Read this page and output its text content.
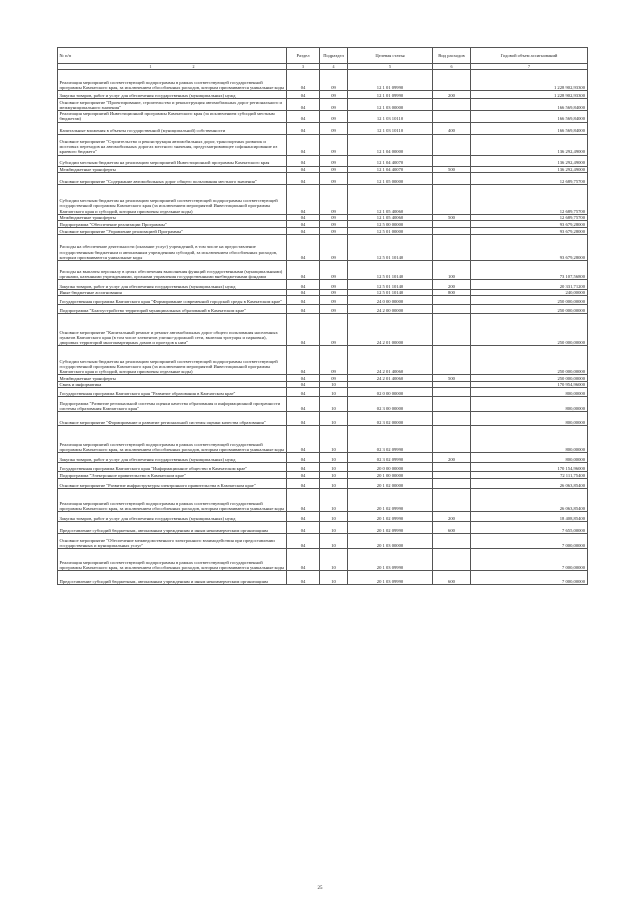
№ п/п	Раздел	Подраздел	Целевая статья	Вид расходов	Годовой объем ассигнований
1 2	3	4	5	6	7
Реализация мероприятий соответствующей подпрограммы в рамках соответствующей государственной программы Камчатского края, за исключением обособленных расходов, которым присваиваются уникальные коды	04	09	12 1 01 09990		1 228 902,93300
Закупка товаров, работ и услуг для обеспечения государственных (муниципальных) нужд	04	09	12 1 01 09990	200	1 228 902,93300
Основное мероприятие "Проектирование, строительство и реконструкция автомобильных дорог регионального и межмуниципального значения"	04	09	12 1 03 00000		166 569,84000
Реализация мероприятий Инвестиционной программы Камчатского края (за исключением субсидий местным бюджетам)	04	09	12 1 03 10110		166 569,84000
Капитальные вложения в объекты государственной (муниципальной) собственности	04	09	12 1 03 10110	400	166 569,84000
Основное мероприятие "Строительство и реконструкция автомобильных дорог, транспортных развязок и мостовых переходов на автомобильных дорогах местного значения, предусматривающее софинансирование из краевого бюджета"	04	09	12 1 04 00000		136 292,49000
Субсидии местным бюджетам на реализацию мероприятий Инвестиционной программы Камчатского края	04	09	12 1 04 40070		136 292,49000
Межбюджетные трансферты	04	09	12 1 04 40070	500	136 292,49000
Основное мероприятие "Содержание автомобильных дорог общего пользования местного значения"	04	09	12 1 05 00000		12 689,75700
Субсидии местным бюджетам на реализацию мероприятий соответствующей подпрограммы соответствующей государственной программы Камчатского края (за исключением мероприятий Инвестиционной программы Камчатского края и субсидий, которым присвоены отдельные коды)	04	09	12 1 05 40060		12 689,75700
Межбюджетные трансферты	04	09	12 1 05 40060	500	12 689,75700
Подпрограмма "Обеспечение реализации Программы"	04	09	12 5 00 00000		93 679,28000
Основное мероприятие "Управление реализацией Программы"	04	09	12 5 01 00000		93 679,28000
Расходы на обеспечение деятельности (оказание услуг) учреждений, в том числе на предоставление государственным бюджетным и автономным учреждениям субсидий, за исключением обособленных расходов, которым присваиваются уникальные коды	04	09	12 5 01 10140		93 679,28000
Расходы на выплаты персоналу в целях обеспечения выполнения функций государственными (муниципальными) органами, казенными учреждениями, органами управления государственными внебюджетными фондами	04	09	12 5 01 10140	100	73 107,56800
Закупка товаров, работ и услуг для обеспечения государственных (муниципальных) нужд	04	09	12 5 01 10140	200	20 331,71200
Иные бюджетные ассигнования	04	09	12 5 01 10140	800	240,00000
Государственная программа Камчатского края "Формирование современной городской среды в Камчатском крае"	04	09	24 0 00 00000		250 000,00000
Подпрограмма "Благоустройство территорий муниципальных образований в Камчатском крае"	04	09	24 2 00 00000		250 000,00000
Основное мероприятие "Капитальный ремонт и ремонт автомобильных дорог общего пользования населенных пунктов Камчатского края (в том числе элементов улично-дорожной сети, включая тротуары и парковки), дворовых территорий многоквартирных домов и проездов к ним"	04	09	24 2 01 00000		250 000,00000
Субсидии местным бюджетам на реализацию мероприятий соответствующей подпрограммы соответствующей государственной программы Камчатского края (за исключением мероприятий Инвестиционной программы Камчатского края и субсидий, которым присвоены отдельные коды)	04	09	24 2 01 40060		250 000,00000
Межбюджетные трансферты	04	09	24 2 01 40060	500	250 000,00000
Связь и информатика	04	10			170 954,96000
Государственная программа Камчатского края "Развитие образования в Камчатском крае"	04	10	02 0 00 00000		800,00000
Подпрограмма "Развитие региональной системы оценки качества образования и информационной прозрачности системы образования Камчатского края"	04	10	02 3 00 00000		800,00000
Основное мероприятие "Формирование и развитие региональной системы оценки качества образования"	04	10	02 3 02 00000		800,00000
Реализация мероприятий соответствующей подпрограммы в рамках соответствующей государственной программы Камчатского края, за исключением обособленных расходов, которым присваиваются уникальные коды	04	10	02 3 02 09990		800,00000
Закупка товаров, работ и услуг для обеспечения государственных (муниципальных) нужд	04	10	02 3 02 09990	200	800,00000
Государственная программа Камчатского края "Информационное общество в Камчатском крае"	04	10	20 0 00 00000		170 154,96000
Подпрограмма "Электронное правительство в Камчатском крае"	04	10	20 1 00 00000		72 111,75400
Основное мероприятие "Развитие инфраструктуры электронного правительства в Камчатском крае"	04	10	20 1 02 00000		26 063,85400
Реализация мероприятий соответствующей подпрограммы в рамках соответствующей государственной программы Камчатского края, за исключением обособленных расходов, которым присваиваются уникальные коды	04	10	20 1 02 09990		26 063,85400
Закупка товаров, работ и услуг для обеспечения государственных (муниципальных) нужд	04	10	20 1 02 09990	200	18 408,85400
Предоставление субсидий бюджетным, автономным учреждениям и иным некоммерческим организациям	04	10	20 1 02 09990	600	7 655,00000
Основное мероприятие "Обеспечение межведомственного электронного взаимодействия при предоставлении государственных и муниципальных услуг"	04	10	20 1 03 00000		7 000,00000
Реализация мероприятий соответствующей подпрограммы в рамках соответствующей государственной программы Камчатского края, за исключением обособленных расходов, которым присваиваются уникальные коды	04	10	20 1 03 09990		7 000,00000
Предоставление субсидий бюджетным, автономным учреждениям и иным некоммерческим организациям	04	10	20 1 03 09990	600	7 000,00000
25
